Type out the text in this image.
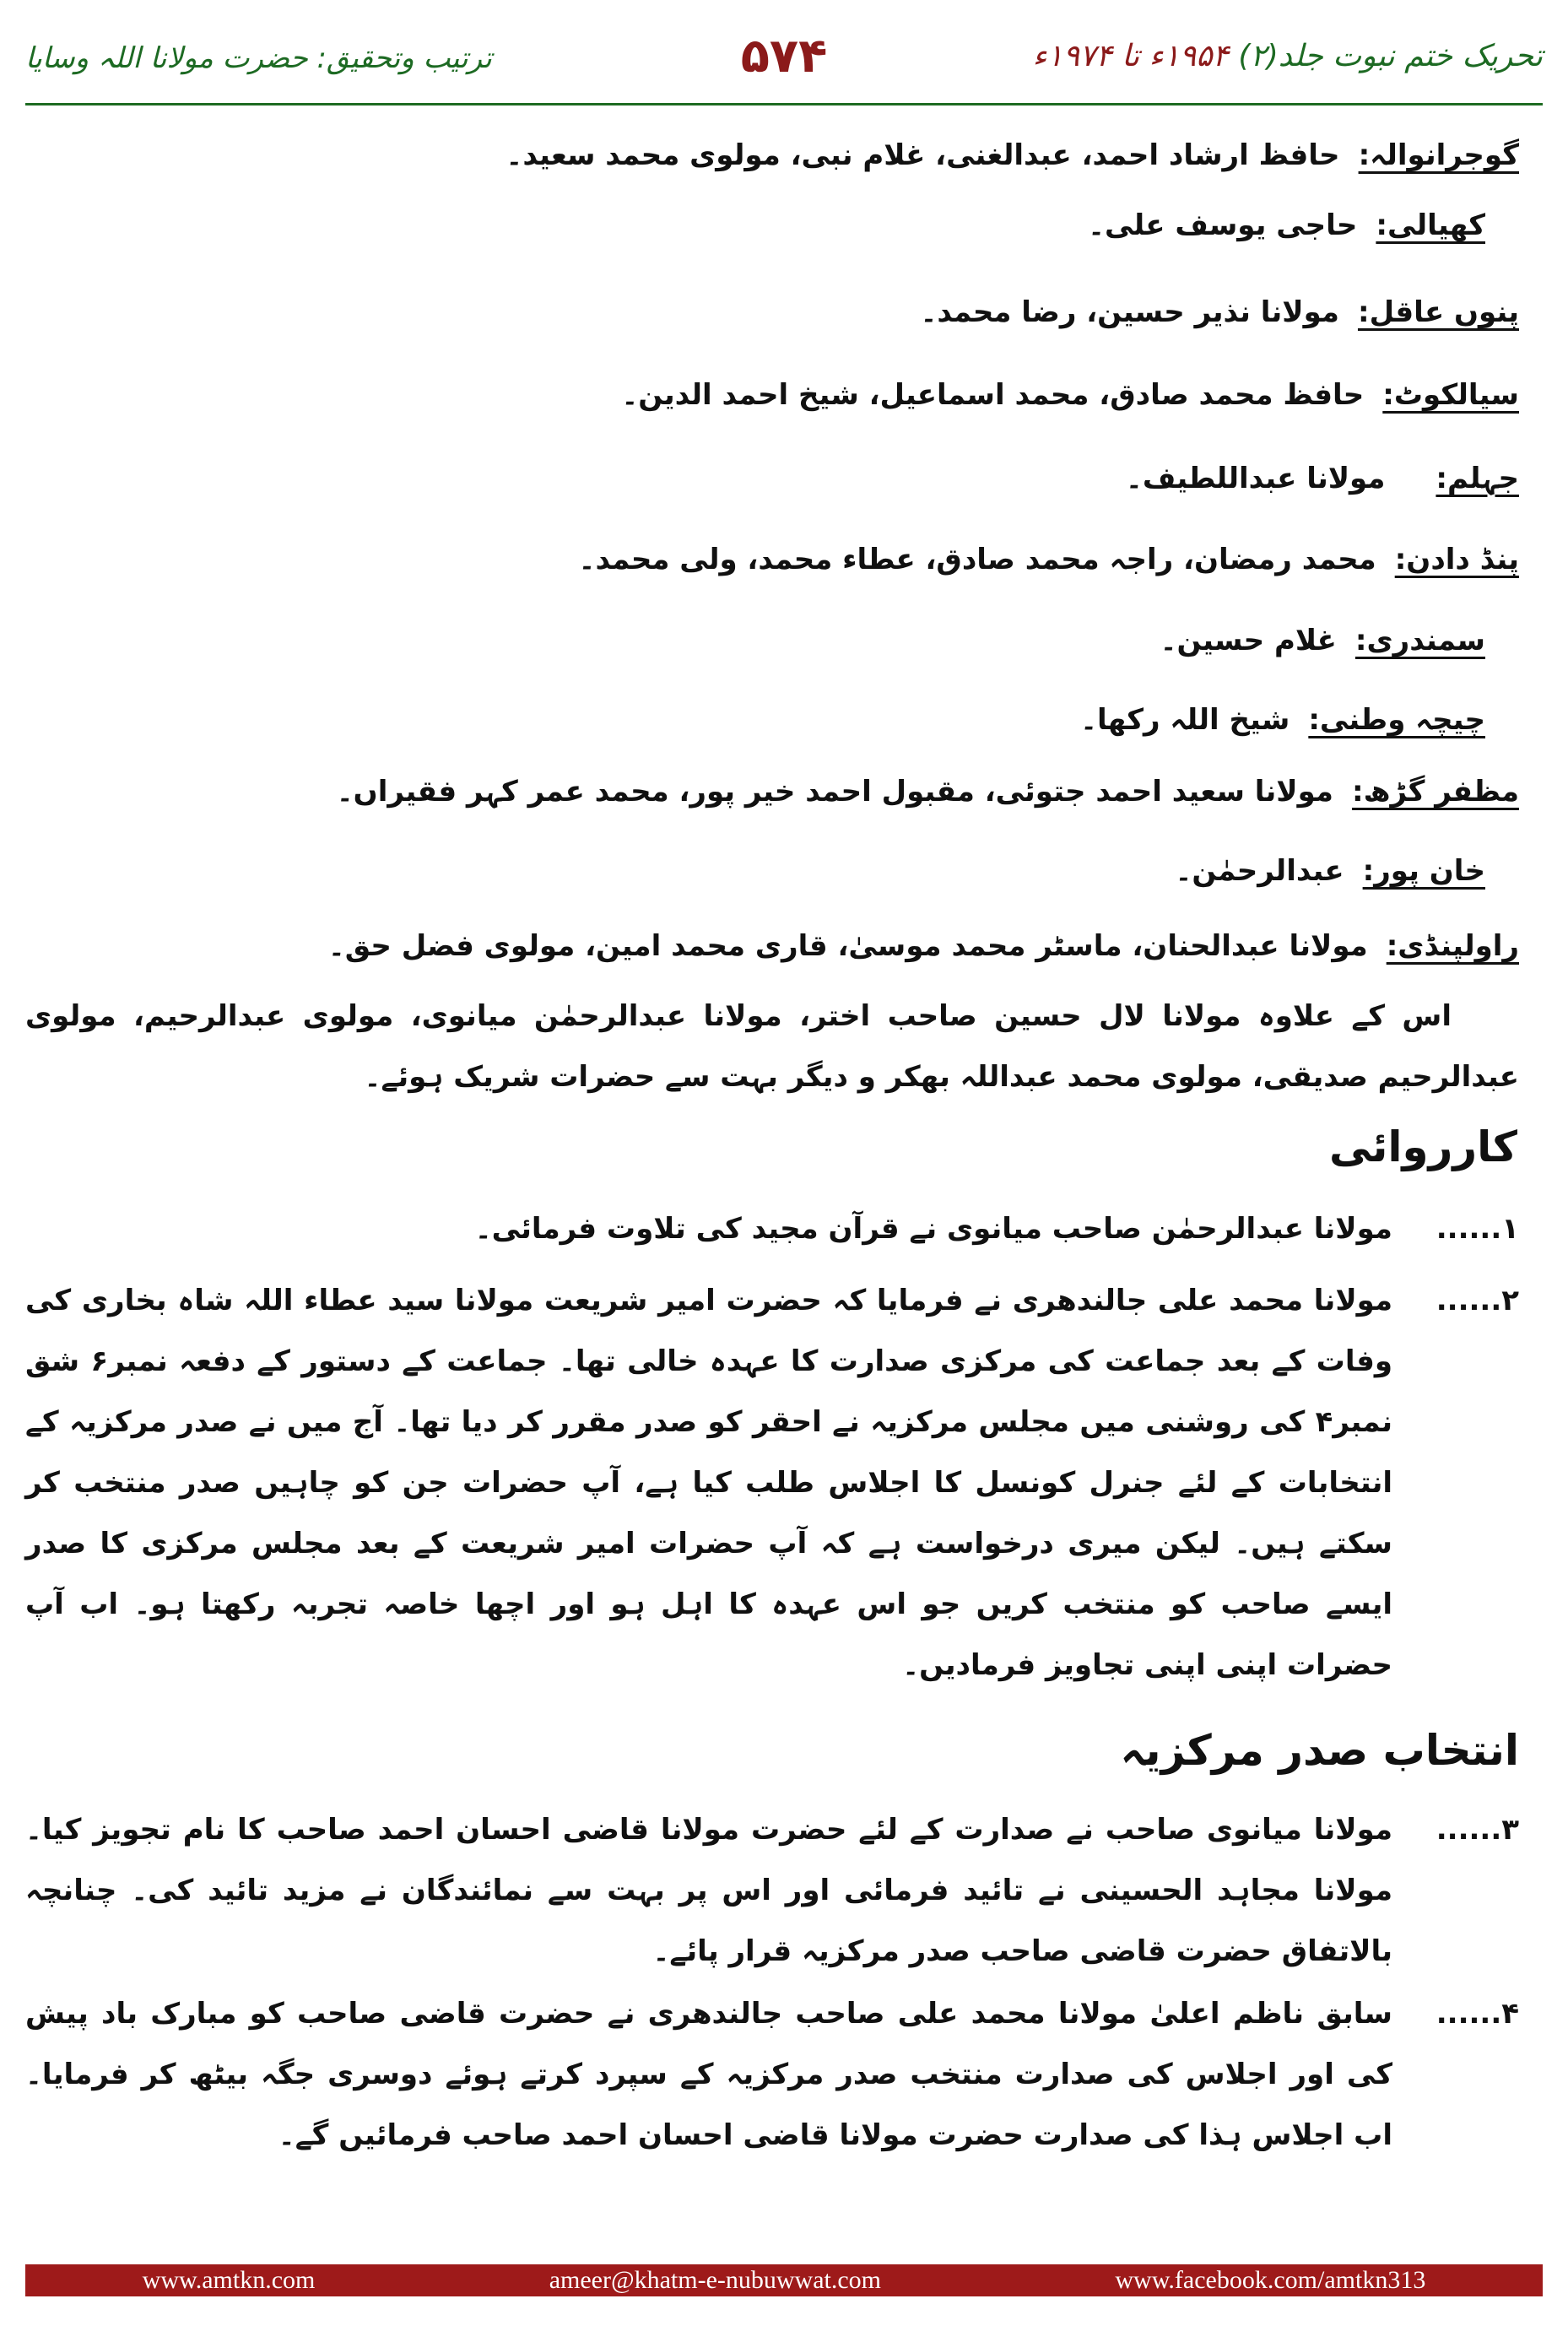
تحریک ختم نبوت جلد(۲) ۱۹۵۴ء تا ۱۹۷۴ء
۵۷۴
ترتیب وتحقیق: حضرت مولانا اللہ وسایا
گوجرانوالہ:حافظ ارشاد احمد، عبدالغنی، غلام نبی، مولوی محمد سعید۔
کھیالی:حاجی یوسف علی۔
پنوں عاقل:مولانا نذیر حسین، رضا محمد۔
سیالکوٹ:حافظ محمد صادق، محمد اسماعیل، شیخ احمد الدین۔
جہلم:مولانا عبداللطیف۔
پنڈ دادن:محمد رمضان، راجہ محمد صادق، عطاء محمد، ولی محمد۔
سمندری:غلام حسین۔
چیچہ وطنی:شیخ اللہ رکھا۔
مظفر گڑھ:مولانا سعید احمد جتوئی، مقبول احمد خیر پور، محمد عمر کہر فقیراں۔
خان پور:عبدالرحمٰن۔
راولپنڈی:مولانا عبدالحنان، ماسٹر محمد موسیٰ، قاری محمد امین، مولوی فضل حق۔
اس کے علاوہ مولانا لال حسین صاحب اختر، مولانا عبدالرحمٰن میانوی، مولوی عبدالرحیم، مولوی عبدالرحیم صدیقی، مولوی محمد عبداللہ بھکر و دیگر بہت سے حضرات شریک ہوئے۔
کارروائی
۱......
مولانا عبدالرحمٰن صاحب میانوی نے قرآن مجید کی تلاوت فرمائی۔
۲......
مولانا محمد علی جالندھری نے فرمایا کہ حضرت امیر شریعت مولانا سید عطاء اللہ شاہ بخاری کی وفات کے بعد جماعت کی مرکزی صدارت کا عہدہ خالی تھا۔ جماعت کے دستور کے دفعہ نمبر۶ شق نمبر۴ کی روشنی میں مجلس مرکزیہ نے احقر کو صدر مقرر کر دیا تھا۔ آج میں نے صدر مرکزیہ کے انتخابات کے لئے جنرل کونسل کا اجلاس طلب کیا ہے، آپ حضرات جن کو چاہیں صدر منتخب کر سکتے ہیں۔ لیکن میری درخواست ہے کہ آپ حضرات امیر شریعت کے بعد مجلس مرکزی کا صدر ایسے صاحب کو منتخب کریں جو اس عہدہ کا اہل ہو اور اچھا خاصہ تجربہ رکھتا ہو۔ اب آپ حضرات اپنی اپنی تجاویز فرمادیں۔
انتخاب صدر مرکزیہ
۳......
مولانا میانوی صاحب نے صدارت کے لئے حضرت مولانا قاضی احسان احمد صاحب کا نام تجویز کیا۔ مولانا مجاہد الحسینی نے تائید فرمائی اور اس پر بہت سے نمائندگان نے مزید تائید کی۔ چنانچہ بالاتفاق حضرت قاضی صاحب صدر مرکزیہ قرار پائے۔
۴......
سابق ناظم اعلیٰ مولانا محمد علی صاحب جالندھری نے حضرت قاضی صاحب کو مبارک باد پیش کی اور اجلاس کی صدارت منتخب صدر مرکزیہ کے سپرد کرتے ہوئے دوسری جگہ بیٹھ کر فرمایا۔ اب اجلاس ہذا کی صدارت حضرت مولانا قاضی احسان احمد صاحب فرمائیں گے۔
www.amtkn.com	ameer@khatm-e-nubuwwat.com	www.facebook.com/amtkn313
